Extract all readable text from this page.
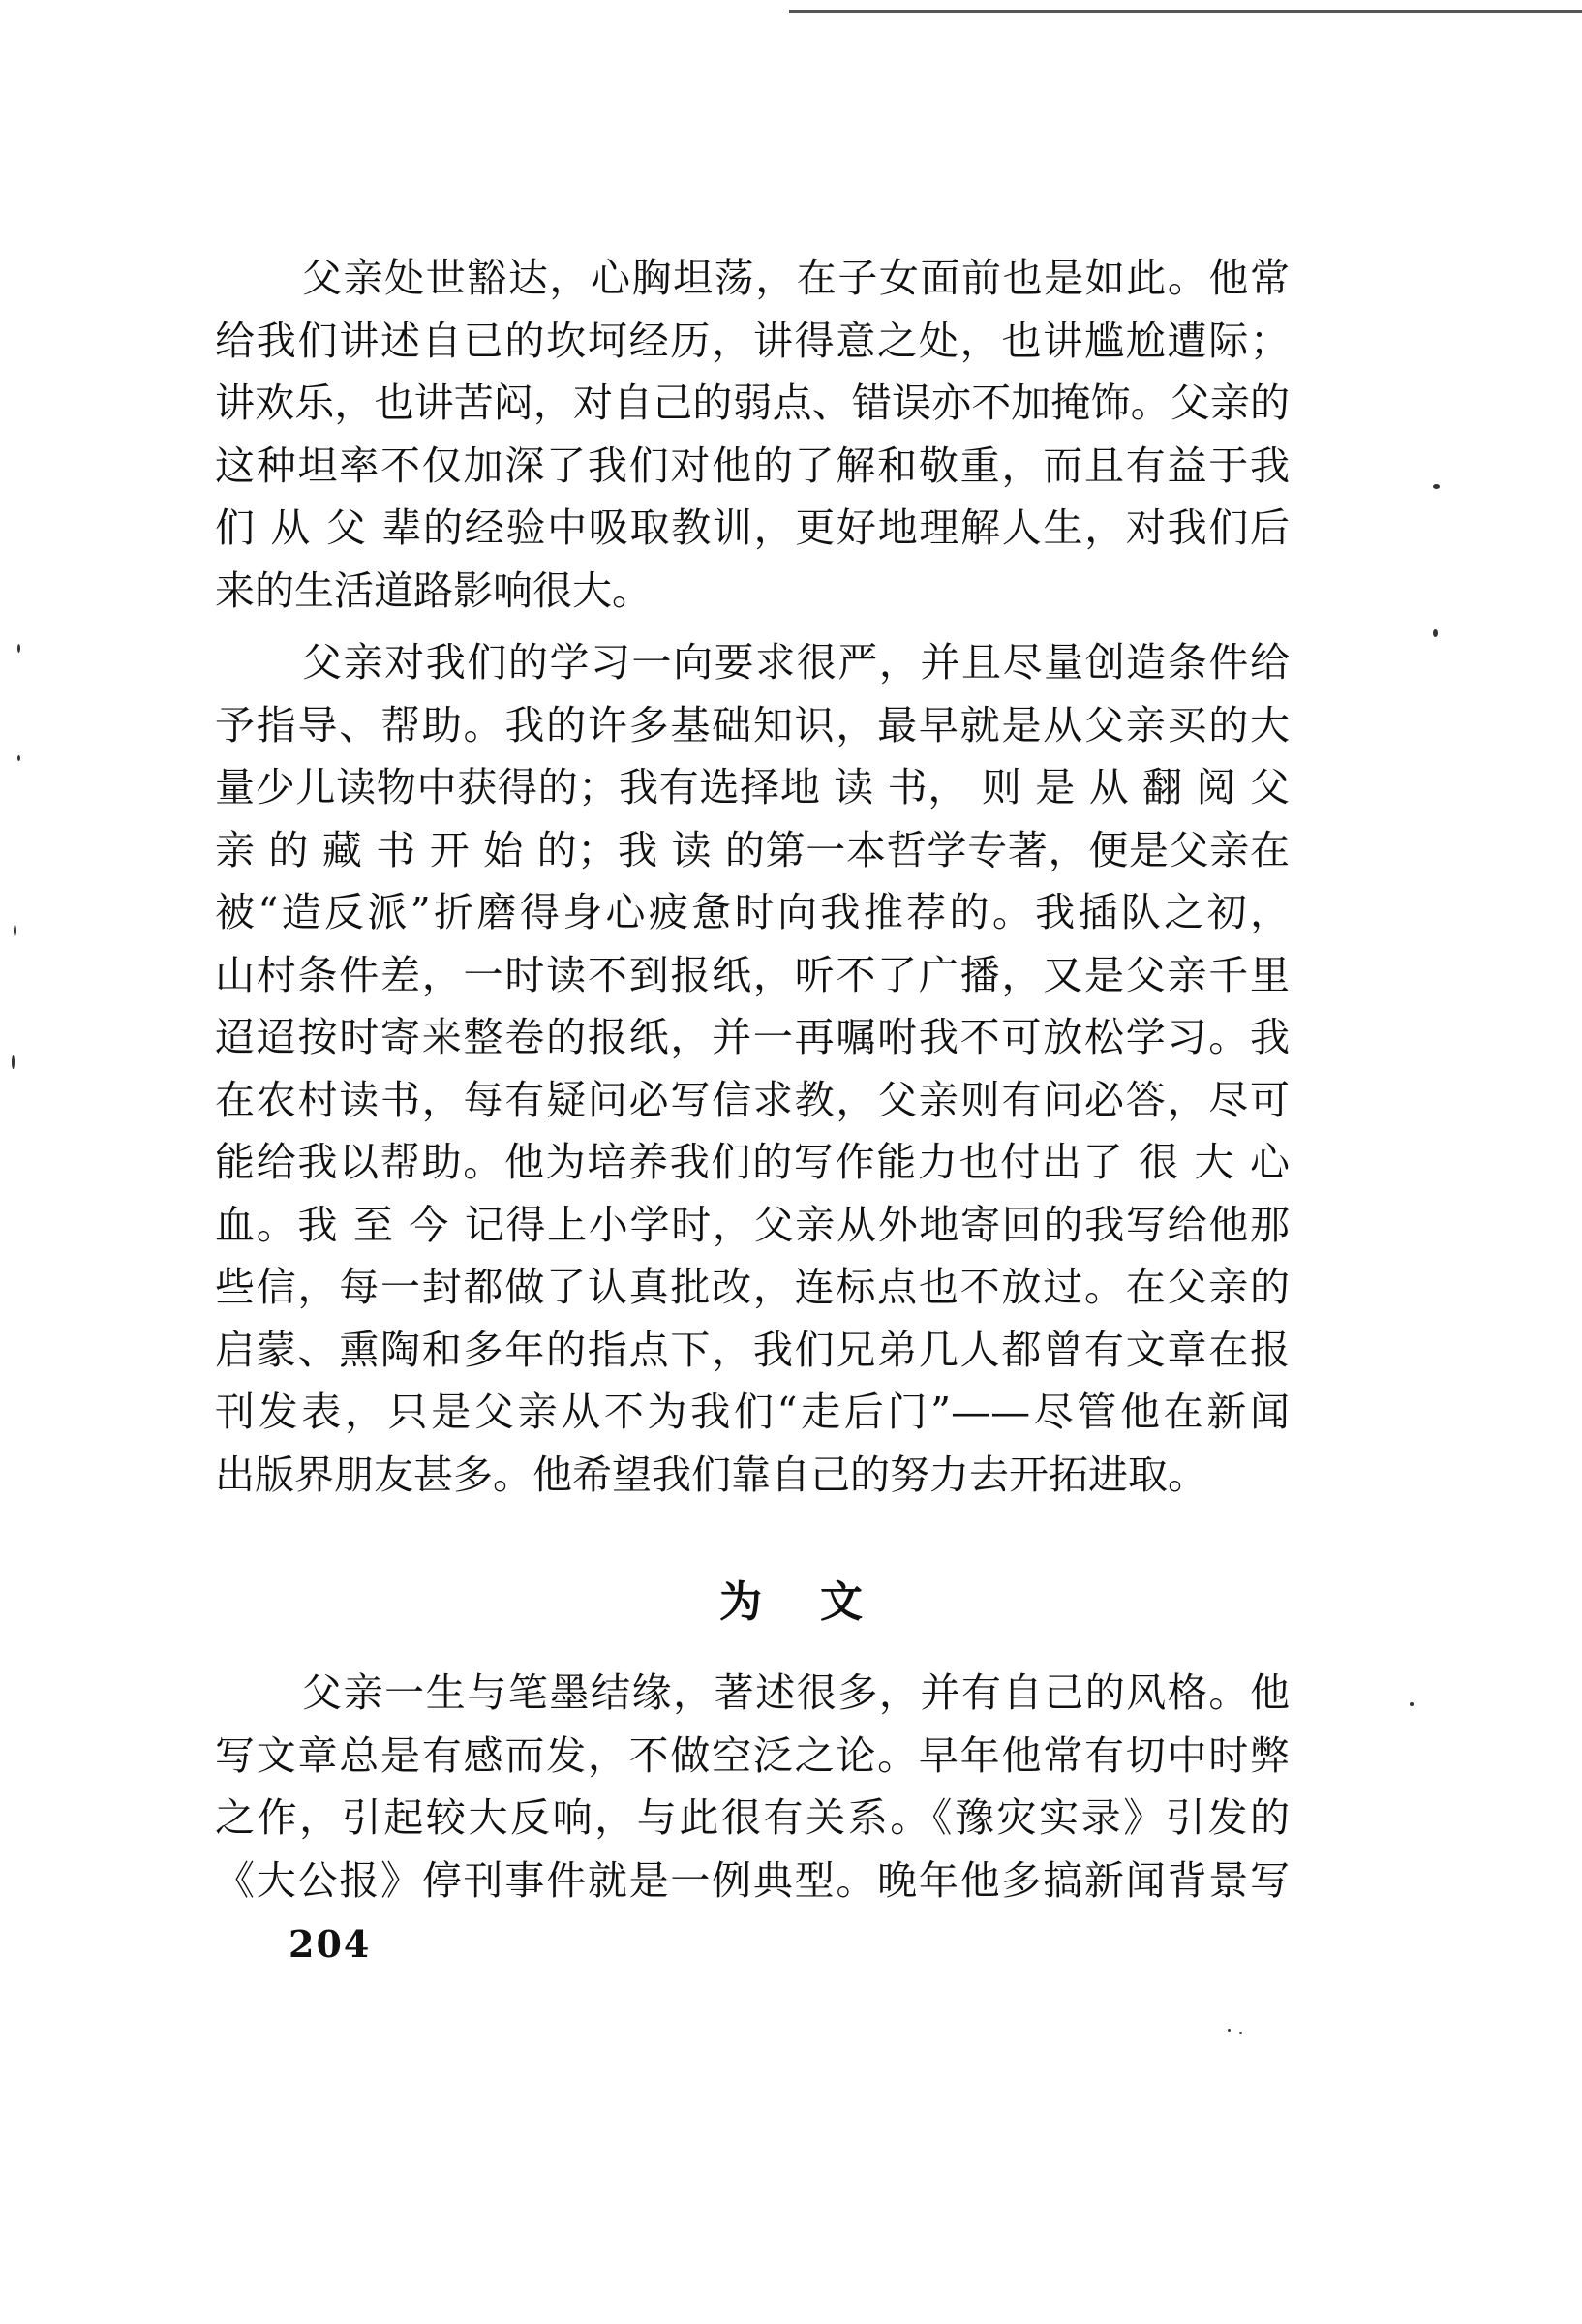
父亲处世豁达，心胸坦荡，在子女面前也是如此。他常
给我们讲述自已的坎坷经历，讲得意之处，也讲尴尬遭际；
讲欢乐，也讲苦闷，对自己的弱点、错误亦不加掩饰。父亲的
这种坦率不仅加深了我们对他的了解和敬重，而且有益于我
们 从 父 辈的经验中吸取教训，更好地理解人生，对我们后
来的生活道路影响很大。
父亲对我们的学习一向要求很严，并且尽量创造条件给
予指导、帮助。我的许多基础知识，最早就是从父亲买的大
量少儿读物中获得的；我有选择地 读 书， 则 是 从 翻 阅 父
亲 的 藏 书 开 始 的；我 读 的第一本哲学专著，便是父亲在
被“造反派”折磨得身心疲惫时向我推荐的。我插队之初，
山村条件差，一时读不到报纸，听不了广播，又是父亲千里
迢迢按时寄来整卷的报纸，并一再嘱咐我不可放松学习。我
在农村读书，每有疑问必写信求教，父亲则有问必答，尽可
能给我以帮助。他为培养我们的写作能力也付出了 很 大 心
血。我 至 今 记得上小学时，父亲从外地寄回的我写给他那
些信，每一封都做了认真批改，连标点也不放过。在父亲的
启蒙、熏陶和多年的指点下，我们兄弟几人都曾有文章在报
刊发表，只是父亲从不为我们“走后门”——尽管他在新闻
出版界朋友甚多。他希望我们靠自己的努力去开拓进取。
为文
父亲一生与笔墨结缘，著述很多，并有自己的风格。他
写文章总是有感而发，不做空泛之论。早年他常有切中时弊
之作，引起较大反响，与此很有关系。《豫灾实录》引发的
《大公报》停刊事件就是一例典型。晚年他多搞新闻背景写
204
